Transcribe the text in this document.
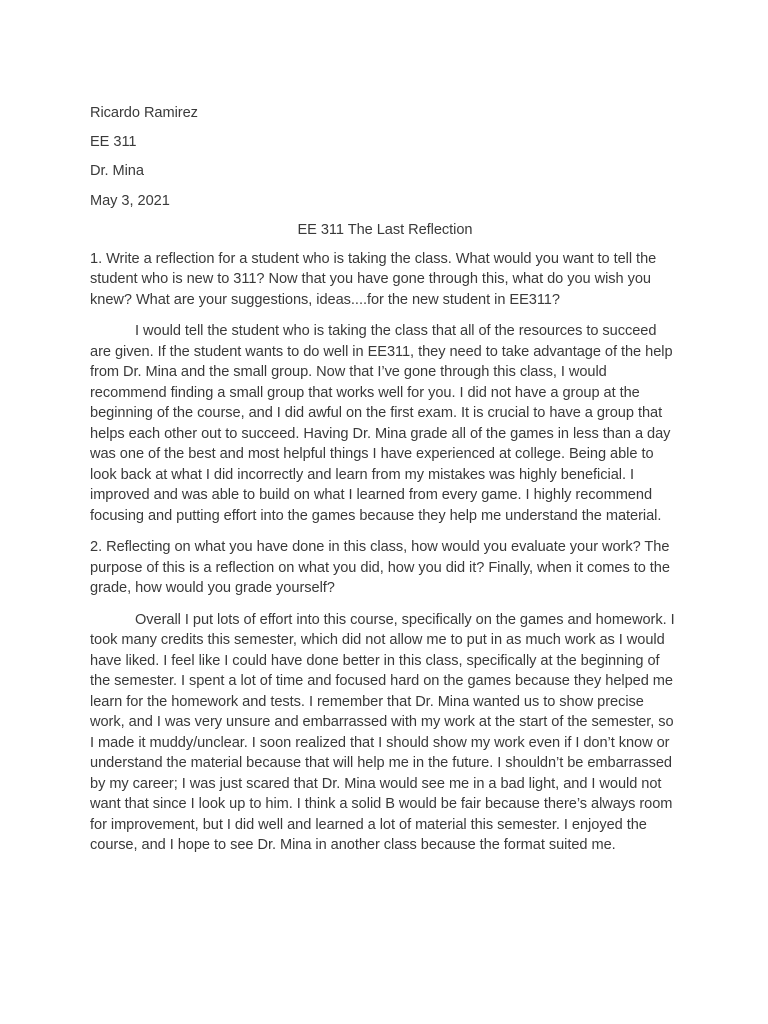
Ricardo Ramirez
EE 311
Dr. Mina
May 3, 2021
EE 311 The Last Reflection
1. Write a reflection for a student who is taking the class. What would you want to tell the student who is new to 311? Now that you have gone through this, what do you wish you knew? What are your suggestions, ideas....for the new student in EE311?
I would tell the student who is taking the class that all of the resources to succeed are given. If the student wants to do well in EE311, they need to take advantage of the help from Dr. Mina and the small group. Now that I’ve gone through this class, I would recommend finding a small group that works well for you. I did not have a group at the beginning of the course, and I did awful on the first exam. It is crucial to have a group that helps each other out to succeed. Having Dr. Mina grade all of the games in less than a day was one of the best and most helpful things I have experienced at college. Being able to look back at what I did incorrectly and learn from my mistakes was highly beneficial. I improved and was able to build on what I learned from every game. I highly recommend focusing and putting effort into the games because they help me understand the material.
2. Reflecting on what you have done in this class, how would you evaluate your work? The purpose of this is a reflection on what you did, how you did it? Finally, when it comes to the grade, how would you grade yourself?
Overall I put lots of effort into this course, specifically on the games and homework. I took many credits this semester, which did not allow me to put in as much work as I would have liked. I feel like I could have done better in this class, specifically at the beginning of the semester. I spent a lot of time and focused hard on the games because they helped me learn for the homework and tests. I remember that Dr. Mina wanted us to show precise work, and I was very unsure and embarrassed with my work at the start of the semester, so I made it muddy/unclear. I soon realized that I should show my work even if I don’t know or understand the material because that will help me in the future. I shouldn’t be embarrassed by my career; I was just scared that Dr. Mina would see me in a bad light, and I would not want that since I look up to him. I think a solid B would be fair because there’s always room for improvement, but I did well and learned a lot of material this semester. I enjoyed the course, and I hope to see Dr. Mina in another class because the format suited me.
